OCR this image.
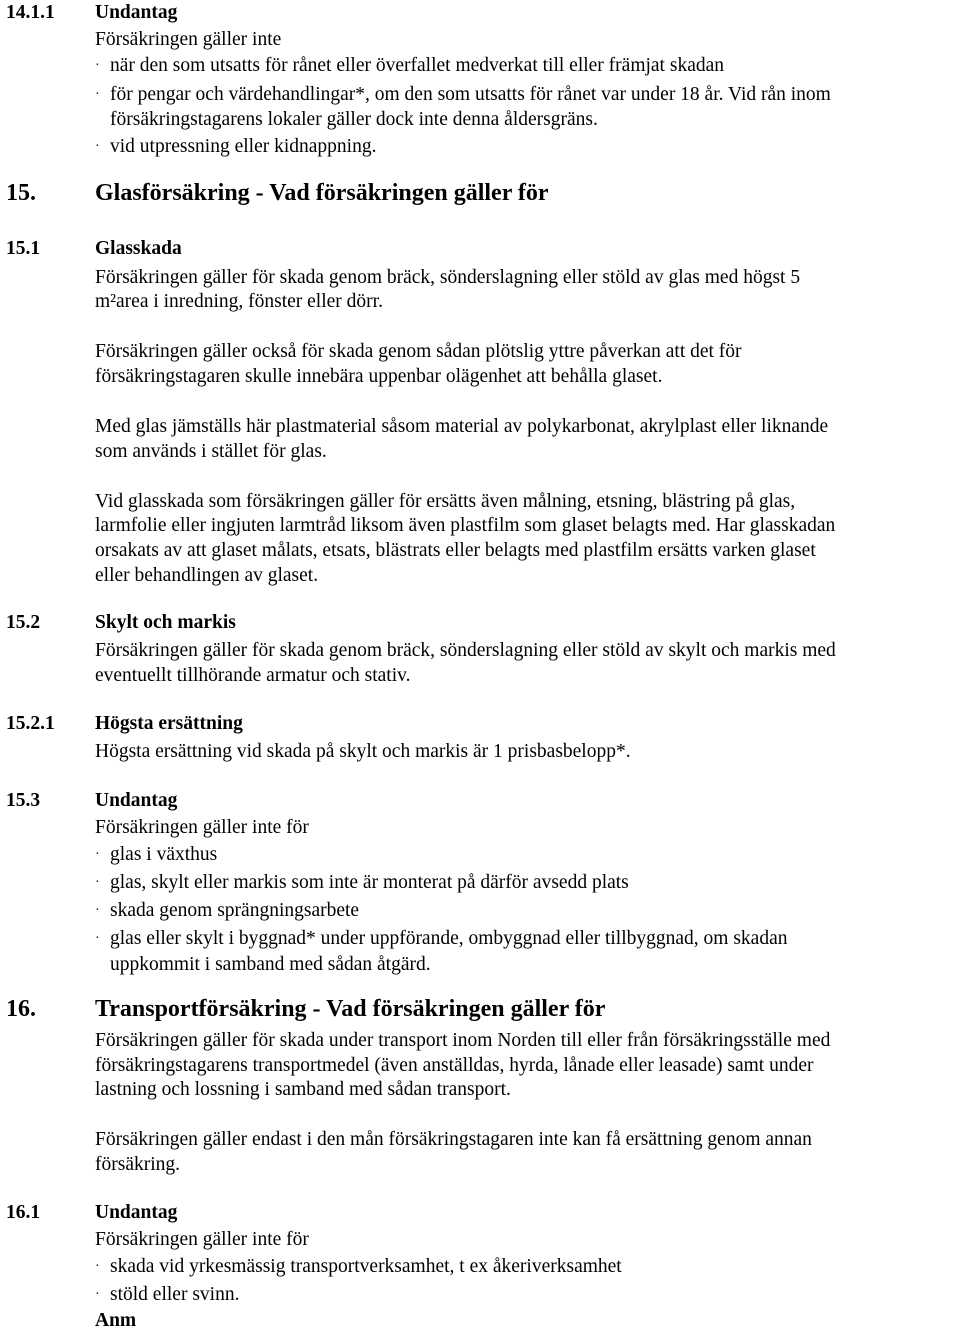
14.1.1 Undantag
Försäkringen gäller inte
· när den som utsatts för rånet eller överfallet medverkat till eller främjat skadan
· för pengar och värdehandlingar*, om den som utsatts för rånet var under 18 år. Vid rån inom
försäkringstagarens lokaler gäller dock inte denna åldersgräns.
· vid utpressning eller kidnappning.
15. Glasförsäkring - Vad försäkringen gäller för
15.1	Glasskada
Försäkringen gäller för skada genom bräck, sönderslagning eller stöld av glas med högst 5
m²area i inredning, fönster eller dörr.
Försäkringen gäller också för skada genom sådan plötslig yttre påverkan att det för
försäkringstagaren skulle innebära uppenbar olägenhet att behålla glaset.
Med glas jämställs här plastmaterial såsom material av polykarbonat, akrylplast eller liknande
som används i stället för glas.
Vid glasskada som försäkringen gäller för ersätts även målning, etsning, blästring på glas,
larmfolie eller ingjuten larmtråd liksom även plastfilm som glaset belagts med. Har glasskadan
orsakats av att glaset målats, etsats, blästrats eller belagts med plastfilm ersätts varken glaset
eller behandlingen av glaset.
15.2	Skylt och markis
Försäkringen gäller för skada genom bräck, sönderslagning eller stöld av skylt och markis med
eventuellt tillhörande armatur och stativ.
15.2.1 Högsta ersättning
Högsta ersättning vid skada på skylt och markis är 1 prisbasbelopp*.
15.3	Undantag
Försäkringen gäller inte för
· glas i växthus
· glas, skylt eller markis som inte är monterat på därför avsedd plats
· skada genom sprängningsarbete
· glas eller skylt i byggnad* under uppförande, ombyggnad eller tillbyggnad, om skadan
uppkommit i samband med sådan åtgärd.
16. Transportförsäkring - Vad försäkringen gäller för
Försäkringen gäller för skada under transport inom Norden till eller från försäkringsställe med
försäkringstagarens transportmedel (även anställdas, hyrda, lånade eller leasade) samt under
lastning och lossning i samband med sådan transport.
Försäkringen gäller endast i den mån försäkringstagaren inte kan få ersättning genom annan
försäkring.
16.1	Undantag
Försäkringen gäller inte för
· skada vid yrkesmässig transportverksamhet, t ex åkeriverksamhet
· stöld eller svinn.
Anm
